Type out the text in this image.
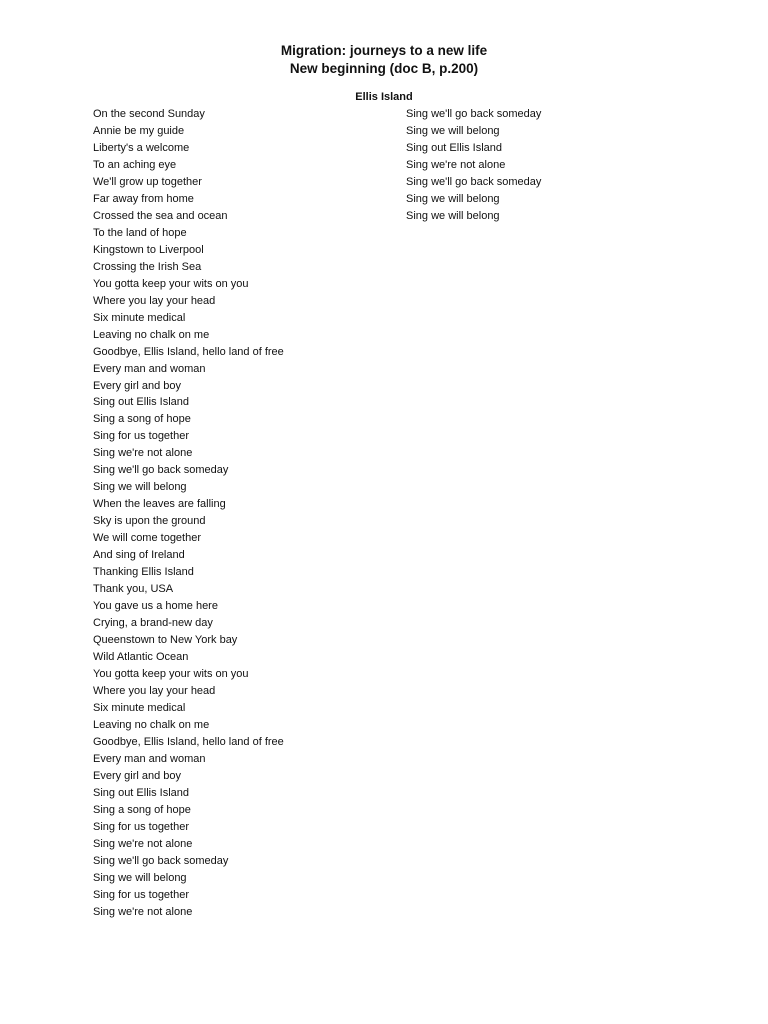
Migration: journeys to a new life
New beginning (doc B, p.200)
Ellis Island
On the second Sunday
Annie be my guide
Liberty's a welcome
To an aching eye
We'll grow up together
Far away from home
Crossed the sea and ocean
To the land of hope
Kingstown to Liverpool
Crossing the Irish Sea
You gotta keep your wits on you
Where you lay your head
Six minute medical
Leaving no chalk on me
Goodbye, Ellis Island, hello land of free
Every man and woman
Every girl and boy
Sing out Ellis Island
Sing a song of hope
Sing for us together
Sing we're not alone
Sing we'll go back someday
Sing we will belong
When the leaves are falling
Sky is upon the ground
We will come together
And sing of Ireland
Thanking Ellis Island
Thank you, USA
You gave us a home here
Crying, a brand-new day
Queenstown to New York bay
Wild Atlantic Ocean
You gotta keep your wits on you
Where you lay your head
Six minute medical
Leaving no chalk on me
Goodbye, Ellis Island, hello land of free
Every man and woman
Every girl and boy
Sing out Ellis Island
Sing a song of hope
Sing for us together
Sing we're not alone
Sing we'll go back someday
Sing we will belong
Sing for us together
Sing we're not alone
Sing we'll go back someday
Sing we will belong
Sing out Ellis Island
Sing we're not alone
Sing we'll go back someday
Sing we will belong
Sing we will belong
